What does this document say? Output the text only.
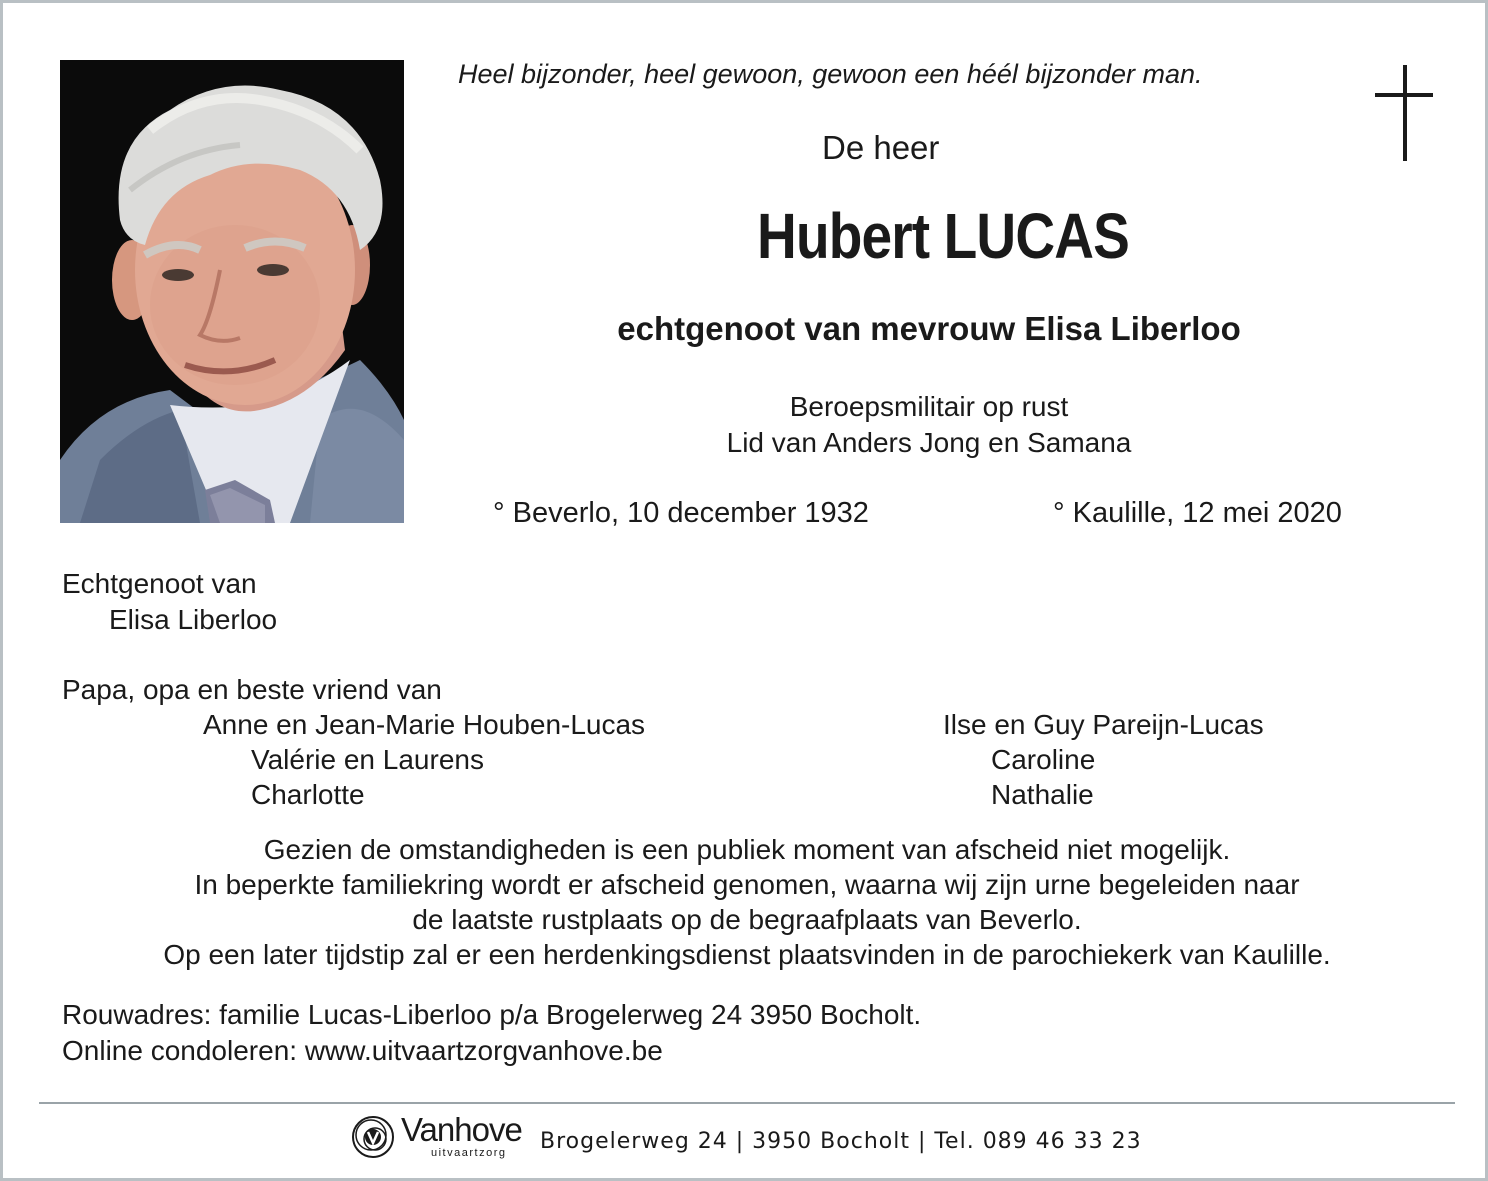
Heel bijzonder, heel gewoon, gewoon een héél bijzonder man.
De heer
Hubert LUCAS
echtgenoot van mevrouw Elisa Liberloo
Beroepsmilitair op rust
Lid van Anders Jong en Samana
° Beverlo, 10 december 1932	° Kaulille, 12 mei 2020
Echtgenoot van
Elisa Liberloo
Papa, opa en beste vriend van
Anne en Jean-Marie Houben-Lucas
Valérie en Laurens
Charlotte
Ilse en Guy Pareijn-Lucas
Caroline
Nathalie
Gezien de omstandigheden is een publiek moment van afscheid niet mogelijk.
In beperkte familiekring wordt er afscheid genomen, waarna wij zijn urne begeleiden naar
de laatste rustplaats op de begraafplaats van Beverlo.
Op een later tijdstip zal er een herdenkingsdienst plaatsvinden in de parochiekerk van Kaulille.
Rouwadres: familie Lucas-Liberloo p/a Brogelerweg 24 3950 Bocholt.
Online condoleren: www.uitvaartzorgvanhove.be
Vanhove
uitvaartzorg Brogelerweg 24 | 3950 Bocholt | Tel. 089 46 33 23
